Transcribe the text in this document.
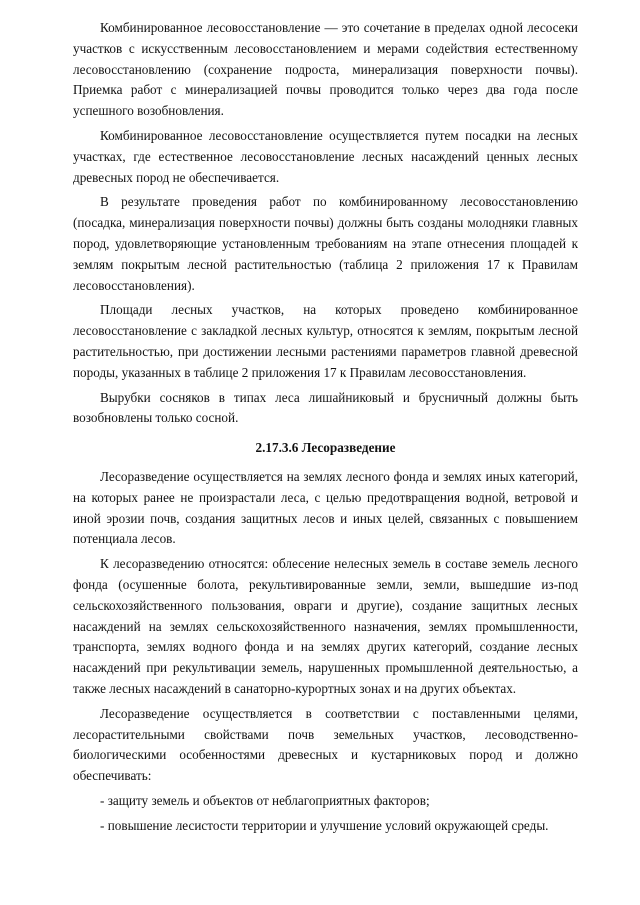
Комбинированное лесовосстановление — это сочетание в пределах одной лесосеки участков с искусственным лесовосстановлением и мерами содействия естественному лесовосстановлению (сохранение подроста, минерализация поверхности почвы). Приемка работ с минерализацией почвы проводится только через два года после успешного возобновления.

Комбинированное лесовосстановление осуществляется путем посадки на лесных участках, где естественное лесовосстановление лесных насаждений ценных лесных древесных пород не обеспечивается.

В результате проведения работ по комбинированному лесовосстановлению (посадка, минерализация поверхности почвы) должны быть созданы молодняки главных пород, удовлетворяющие установленным требованиям на этапе отнесения площадей к землям покрытым лесной растительностью (таблица 2 приложения 17 к Правилам лесовосстановления).

Площади лесных участков, на которых проведено комбинированное лесовосстановление с закладкой лесных культур, относятся к землям, покрытым лесной растительностью, при достижении лесными растениями параметров главной древесной породы, указанных в таблице 2 приложения 17 к Правилам лесовосстановления.

Вырубки сосняков в типах леса лишайниковый и брусничный должны быть возобновлены только сосной.

2.17.3.6 Лесоразведение

Лесоразведение осуществляется на землях лесного фонда и землях иных категорий, на которых ранее не произрастали леса, с целью предотвращения водной, ветровой и иной эрозии почв, создания защитных лесов и иных целей, связанных с повышением потенциала лесов.

К лесоразведению относятся: облесение нелесных земель в составе земель лесного фонда (осушенные болота, рекультивированные земли, земли, вышедшие из-под сельскохозяйственного пользования, овраги и другие), создание защитных лесных насаждений на землях сельскохозяйственного назначения, землях промышленности, транспорта, землях водного фонда и на землях других категорий, создание лесных насаждений при рекультивации земель, нарушенных промышленной деятельностью, а также лесных насаждений в санаторно-курортных зонах и на других объектах.

Лесоразведение осуществляется в соответствии с поставленными целями, лесорастительными свойствами почв земельных участков, лесоводственно-биологическими особенностями древесных и кустарниковых пород и должно обеспечивать:

- защиту земель и объектов от неблагоприятных факторов;
- повышение лесистости территории и улучшение условий окружающей среды.
